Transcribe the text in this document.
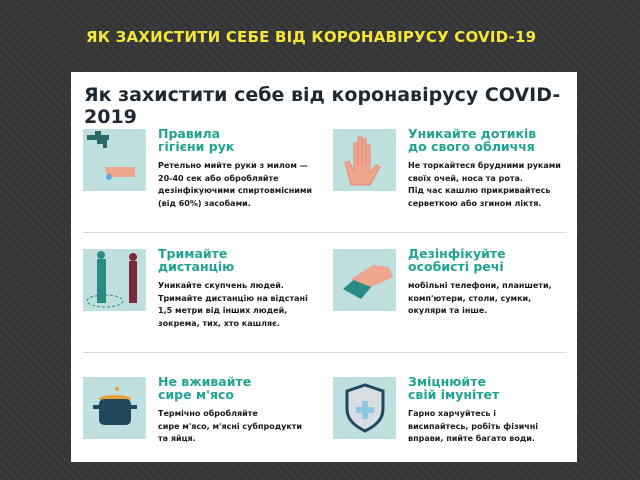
ЯК ЗАХИСТИТИ СЕБЕ ВІД КОРОНАВІРУСУ COVID-19
Як захистити себе від коронавірусу COVID-2019
Правила
гігієни рук
Ретельно мийте руки з милом —
20-40 сек або обробляйте
дезінфікуючими спиртовмісними
(від 60%) засобами.
Уникайте дотиків
до свого обличчя
Не торкайтеся брудними руками
своїх очей, носа та рота.
Під час кашлю прикривайтесь
серветкою або згином ліктя.
Тримайте
дистанцію
Уникайте скупчень людей.
Тримайте дистанцію на відстані
1,5 метри від інших людей,
зокрема, тих, хто кашляє.
Дезінфікуйте
особисті речі
мобільні телефони, планшети,
комп'ютери, столи, сумки,
окуляри та інше.
Не вживайте
сире м'ясо
Термічно обробляйте
сире м'ясо, м'ясні субпродукти
та яйця.
Зміцнюйте
свій імунітет
Гарно харчуйтесь і
висипайтесь, робіть фізичні
вправи, пийте багато води.
